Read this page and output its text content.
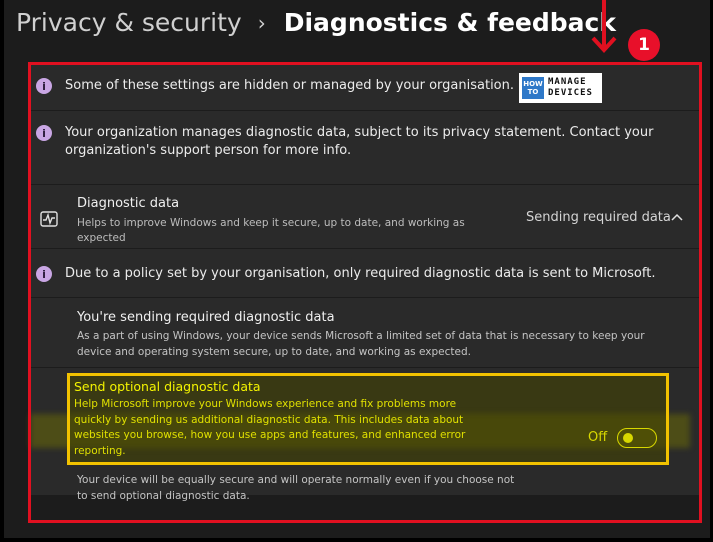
Privacy & security › Diagnostics & feedback
1
i	Some of these settings are hidden or managed by your organisation. HOW TO
MANAGE
DEVICES
i	Your organization manages diagnostic data, subject to its privacy statement. Contact your organization's support person for more info.
Diagnostic data
Helps to improve Windows and keep it secure, up to date, and working as expected
Sending required data
i	Due to a policy set by your organisation, only required diagnostic data is sent to Microsoft.
You're sending required diagnostic data
As a part of using Windows, your device sends Microsoft a limited set of data that is necessary to keep your device and operating system secure, up to date, and working as expected.
Send optional diagnostic data
Help Microsoft improve your Windows experience and fix problems more quickly by sending us additional diagnostic data. This includes data about websites you browse, how you use apps and features, and enhanced error reporting.
Off
Your device will be equally secure and will operate normally even if you choose not to send optional diagnostic data.
